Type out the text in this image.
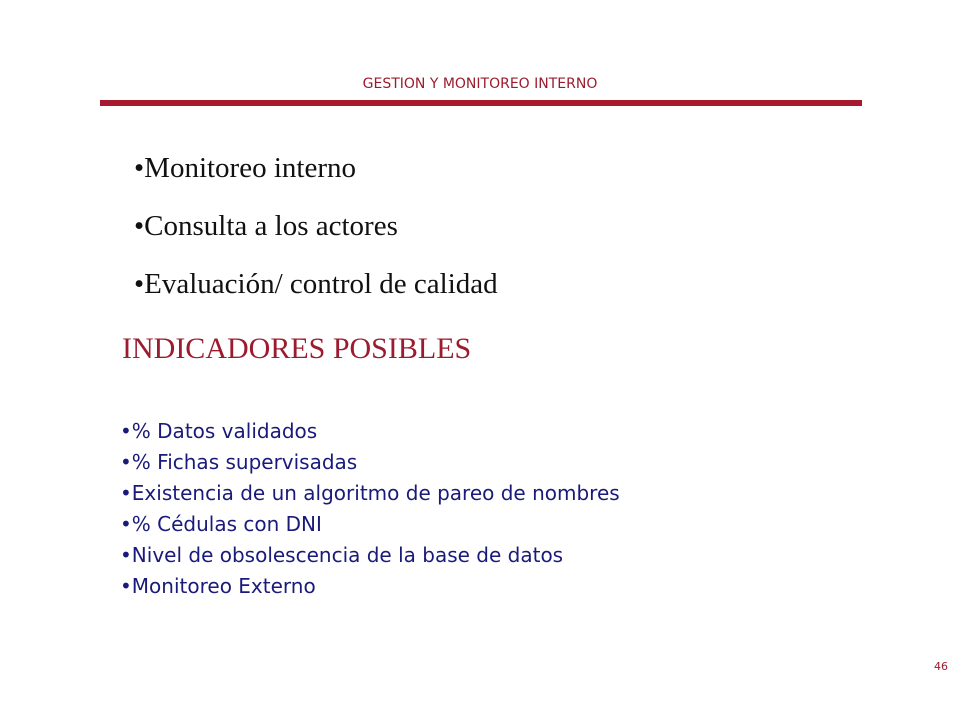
GESTION Y MONITOREO INTERNO
•Monitoreo interno
•Consulta a los actores
•Evaluación/ control de calidad
INDICADORES POSIBLES
•% Datos validados
•% Fichas supervisadas
•Existencia de un algoritmo de pareo de nombres
•% Cédulas con DNI
•Nivel de obsolescencia de la base de datos
•Monitoreo Externo
46
